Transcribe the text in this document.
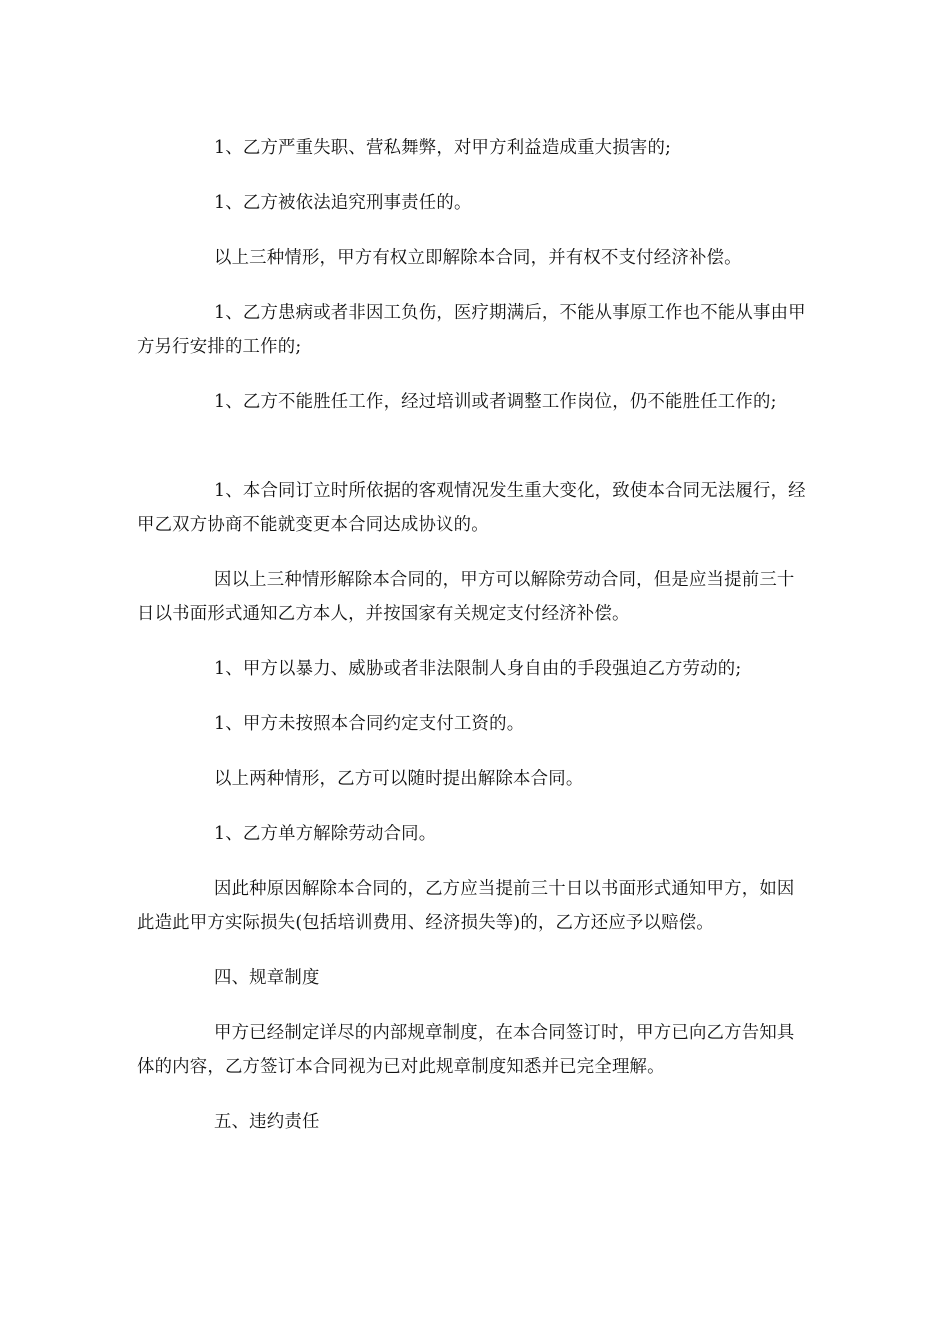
1、乙方严重失职、营私舞弊，对甲方利益造成重大损害的;

1、乙方被依法追究刑事责任的。

以上三种情形，甲方有权立即解除本合同，并有权不支付经济补偿。

1、乙方患病或者非因工负伤，医疗期满后，不能从事原工作也不能从事由甲方另行安排的工作的;

1、乙方不能胜任工作，经过培训或者调整工作岗位，仍不能胜任工作的;

1、本合同订立时所依据的客观情况发生重大变化，致使本合同无法履行，经甲乙双方协商不能就变更本合同达成协议的。

因以上三种情形解除本合同的，甲方可以解除劳动合同，但是应当提前三十日以书面形式通知乙方本人，并按国家有关规定支付经济补偿。

1、甲方以暴力、威胁或者非法限制人身自由的手段强迫乙方劳动的;

1、甲方未按照本合同约定支付工资的。

以上两种情形，乙方可以随时提出解除本合同。

1、乙方单方解除劳动合同。

因此种原因解除本合同的，乙方应当提前三十日以书面形式通知甲方，如因此造此甲方实际损失(包括培训费用、经济损失等)的，乙方还应予以赔偿。

四、规章制度

甲方已经制定详尽的内部规章制度，在本合同签订时，甲方已向乙方告知具体的内容，乙方签订本合同视为已对此规章制度知悉并已完全理解。

五、违约责任
